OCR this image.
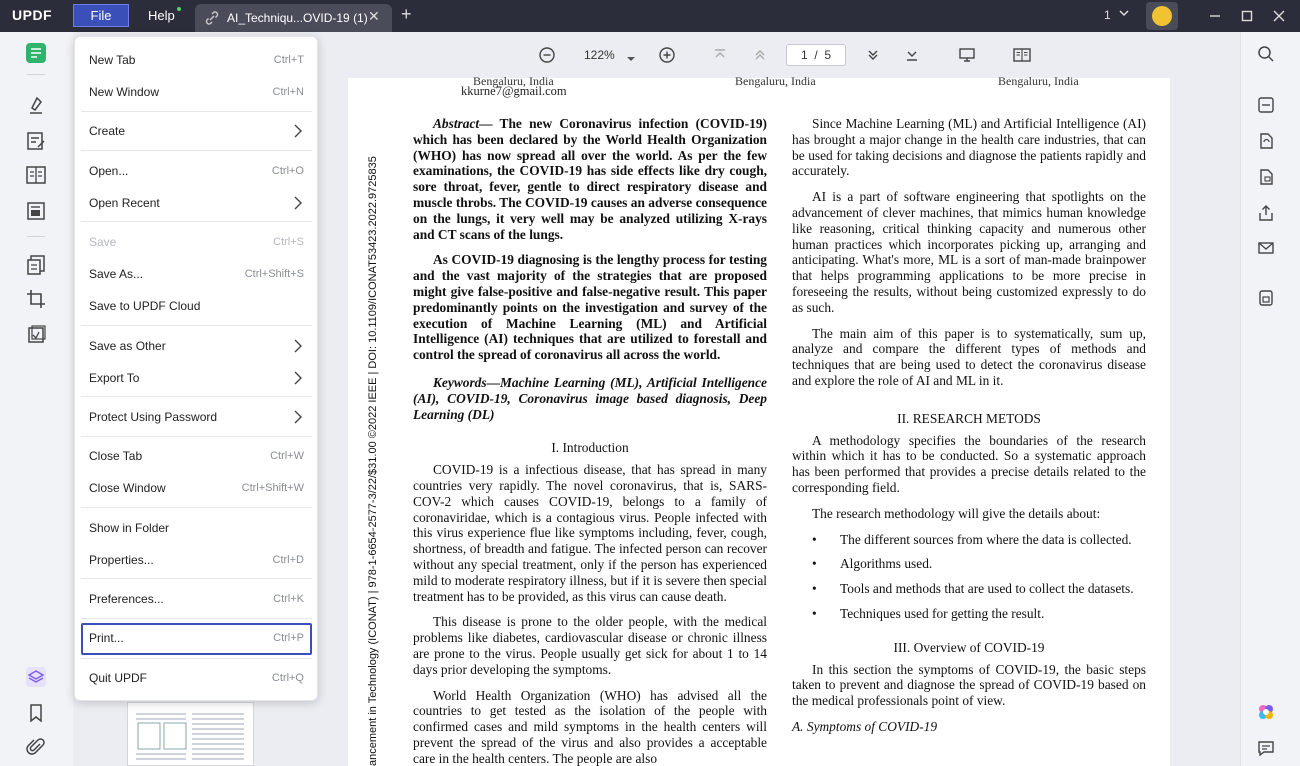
UPDF	File	Help	AI_Techniqu...OVID-19 (1) ✕ +	1
122%	1 / 5
Bengaluru, India	Bengaluru, India	Bengaluru, India
kkurne7@gmail.com
ancement in Technology (ICONAT) | 978-1-6654-2577-3/22/$31.00 ©2022 IEEE | DOI: 10.1109/ICONAT53423.2022.9725835

Abstract— The new Coronavirus infection (COVID-19) which has been declared by the World Health Organization (WHO) has now spread all over the world. As per the few examinations, the COVID-19 has side effects like dry cough, sore throat, fever, gentle to direct respiratory disease and muscle throbs. The COVID-19 causes an adverse consequence on the lungs, it very well may be analyzed utilizing X-rays and CT scans of the lungs.

As COVID-19 diagnosing is the lengthy process for testing and the vast majority of the strategies that are proposed might give false-positive and false-negative result. This paper predominantly points on the investigation and survey of the execution of Machine Learning (ML) and Artificial Intelligence (AI) techniques that are utilized to forestall and control the spread of coronavirus all across the world.

Keywords—Machine Learning (ML), Artificial Intelligence (AI), COVID-19, Coronavirus image based diagnosis, Deep Learning (DL)

I. Introduction

COVID-19 is a infectious disease, that has spread in many countries very rapidly. The novel coronavirus, that is, SARS-COV-2 which causes COVID-19, belongs to a family of coronaviridae, which is a contagious virus. People infected with this virus experience flue like symptoms including, fever, cough, shortness, of breadth and fatigue. The infected person can recover without any special treatment, only if the person has experienced mild to moderate respiratory illness, but if it is severe then special treatment has to be provided, as this virus can cause death.

This disease is prone to the older people, with the medical problems like diabetes, cardiovascular disease or chronic illness are prone to the virus. People usually get sick for about 1 to 14 days prior developing the symptoms.

World Health Organization (WHO) has advised all the countries to get tested as the isolation of the people with confirmed cases and mild symptoms in the health centers will prevent the spread of the virus and also provides a acceptable care in the health centers. The people are also

Since Machine Learning (ML) and Artificial Intelligence (AI) has brought a major change in the health care industries, that can be used for taking decisions and diagnose the patients rapidly and accurately.

AI is a part of software engineering that spotlights on the advancement of clever machines, that mimics human knowledge like reasoning, critical thinking capacity and numerous other human practices which incorporates picking up, arranging and anticipating. What's more, ML is a sort of man-made brainpower that helps programming applications to be more precise in foreseeing the results, without being customized expressly to do as such.

The main aim of this paper is to systematically, sum up, analyze and compare the different types of methods and techniques that are being used to detect the coronavirus disease and explore the role of AI and ML in it.

II. RESEARCH METODS

A methodology specifies the boundaries of the research within which it has to be conducted. So a systematic approach has been performed that provides a precise details related to the corresponding field.

The research methodology will give the details about:

• The different sources from where the data is collected.
• Algorithms used.
• Tools and methods that are used to collect the datasets.
• Techniques used for getting the result.
III. Overview of COVID-19

In this section the symptoms of COVID-19, the basic steps taken to prevent and diagnose the spread of COVID-19 based on the medical professionals point of view.

A. Symptoms of COVID-19
New Tab	Ctrl+T
New Window	Ctrl+N
Create
Open...	Ctrl+O
Open Recent
Save	Ctrl+S
Save As...	Ctrl+Shift+S
Save to UPDF Cloud
Save as Other
Export To
Protect Using Password
Close Tab	Ctrl+W
Close Window	Ctrl+Shift+W
Show in Folder
Properties...	Ctrl+D
Preferences...	Ctrl+K
Print...	Ctrl+P
Quit UPDF	Ctrl+Q
